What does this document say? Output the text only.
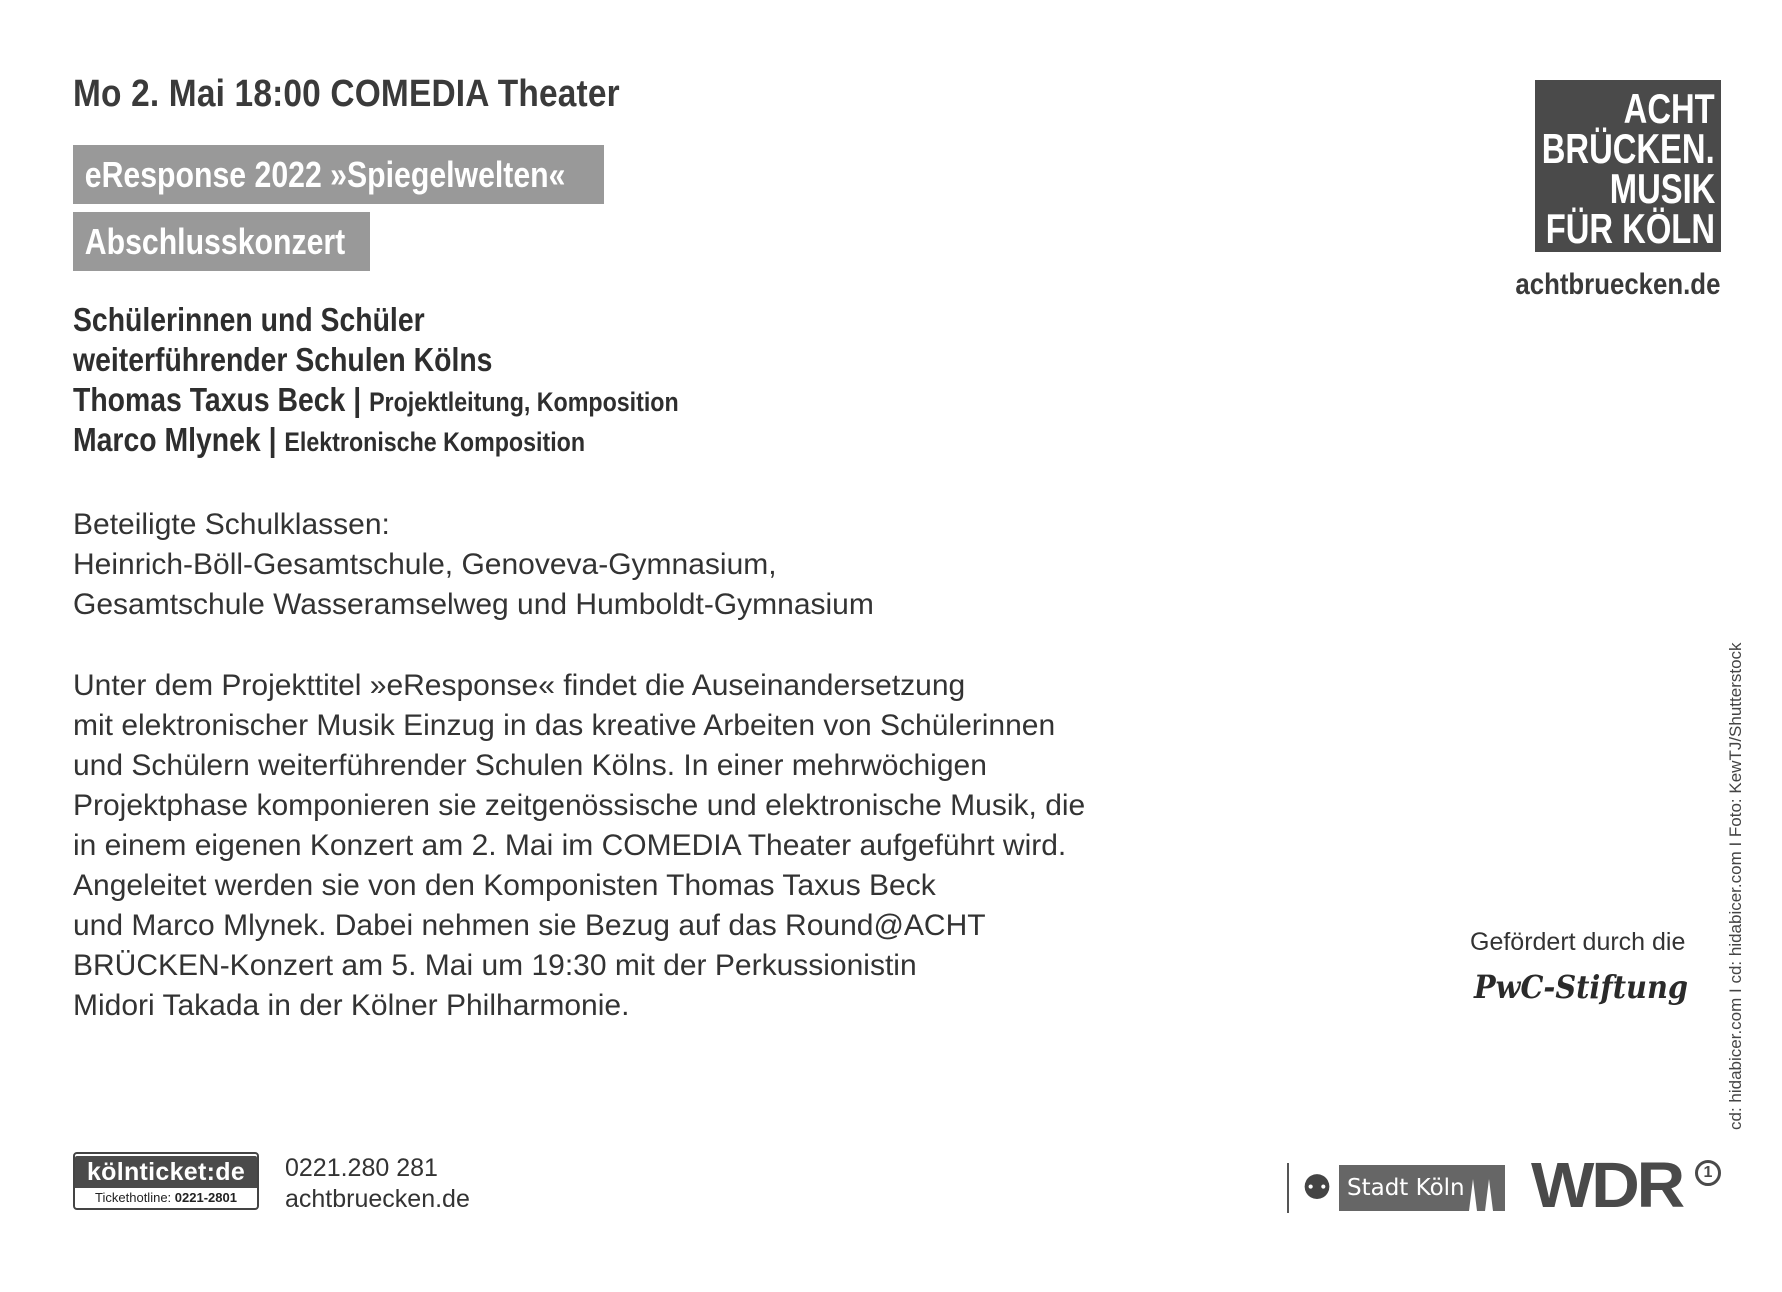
Mo 2. Mai 18:00 COMEDIA Theater
eResponse 2022 »Spiegelwelten«
Abschlusskonzert
Schülerinnen und Schüler
weiterführender Schulen Kölns
Thomas Taxus Beck | Projektleitung, Komposition
Marco Mlynek | Elektronische Komposition
Beteiligte Schulklassen:
Heinrich-Böll-Gesamtschule, Genoveva-Gymnasium,
Gesamtschule Wasseramselweg und Humboldt-Gymnasium
Unter dem Projekttitel »eResponse« findet die Auseinandersetzung
mit elektronischer Musik Einzug in das kreative Arbeiten von Schülerinnen
und Schülern weiterführender Schulen Kölns. In einer mehrwöchigen
Projektphase komponieren sie zeitgenössische und elektronische Musik, die
in einem eigenen Konzert am 2. Mai im COMEDIA Theater aufgeführt wird.
Angeleitet werden sie von den Komponisten Thomas Taxus Beck
und Marco Mlynek. Dabei nehmen sie Bezug auf das Round@ACHT
BRÜCKEN-Konzert am 5. Mai um 19:30 mit der Perkussionistin
Midori Takada in der Kölner Philharmonie.
ACHT
BRÜCKEN.
MUSIK
FÜR KÖLN
achtbruecken.de
cd: hidabicer.com I cd: hidabicer.com I Foto: KewTJ/Shutterstock
Gefördert durch die
PwC-Stiftung
kölnticket:de
Tickethotline: 0221-2801
0221.280 281
achtbruecken.de	⚉ Stadt Köln	WDR	1
